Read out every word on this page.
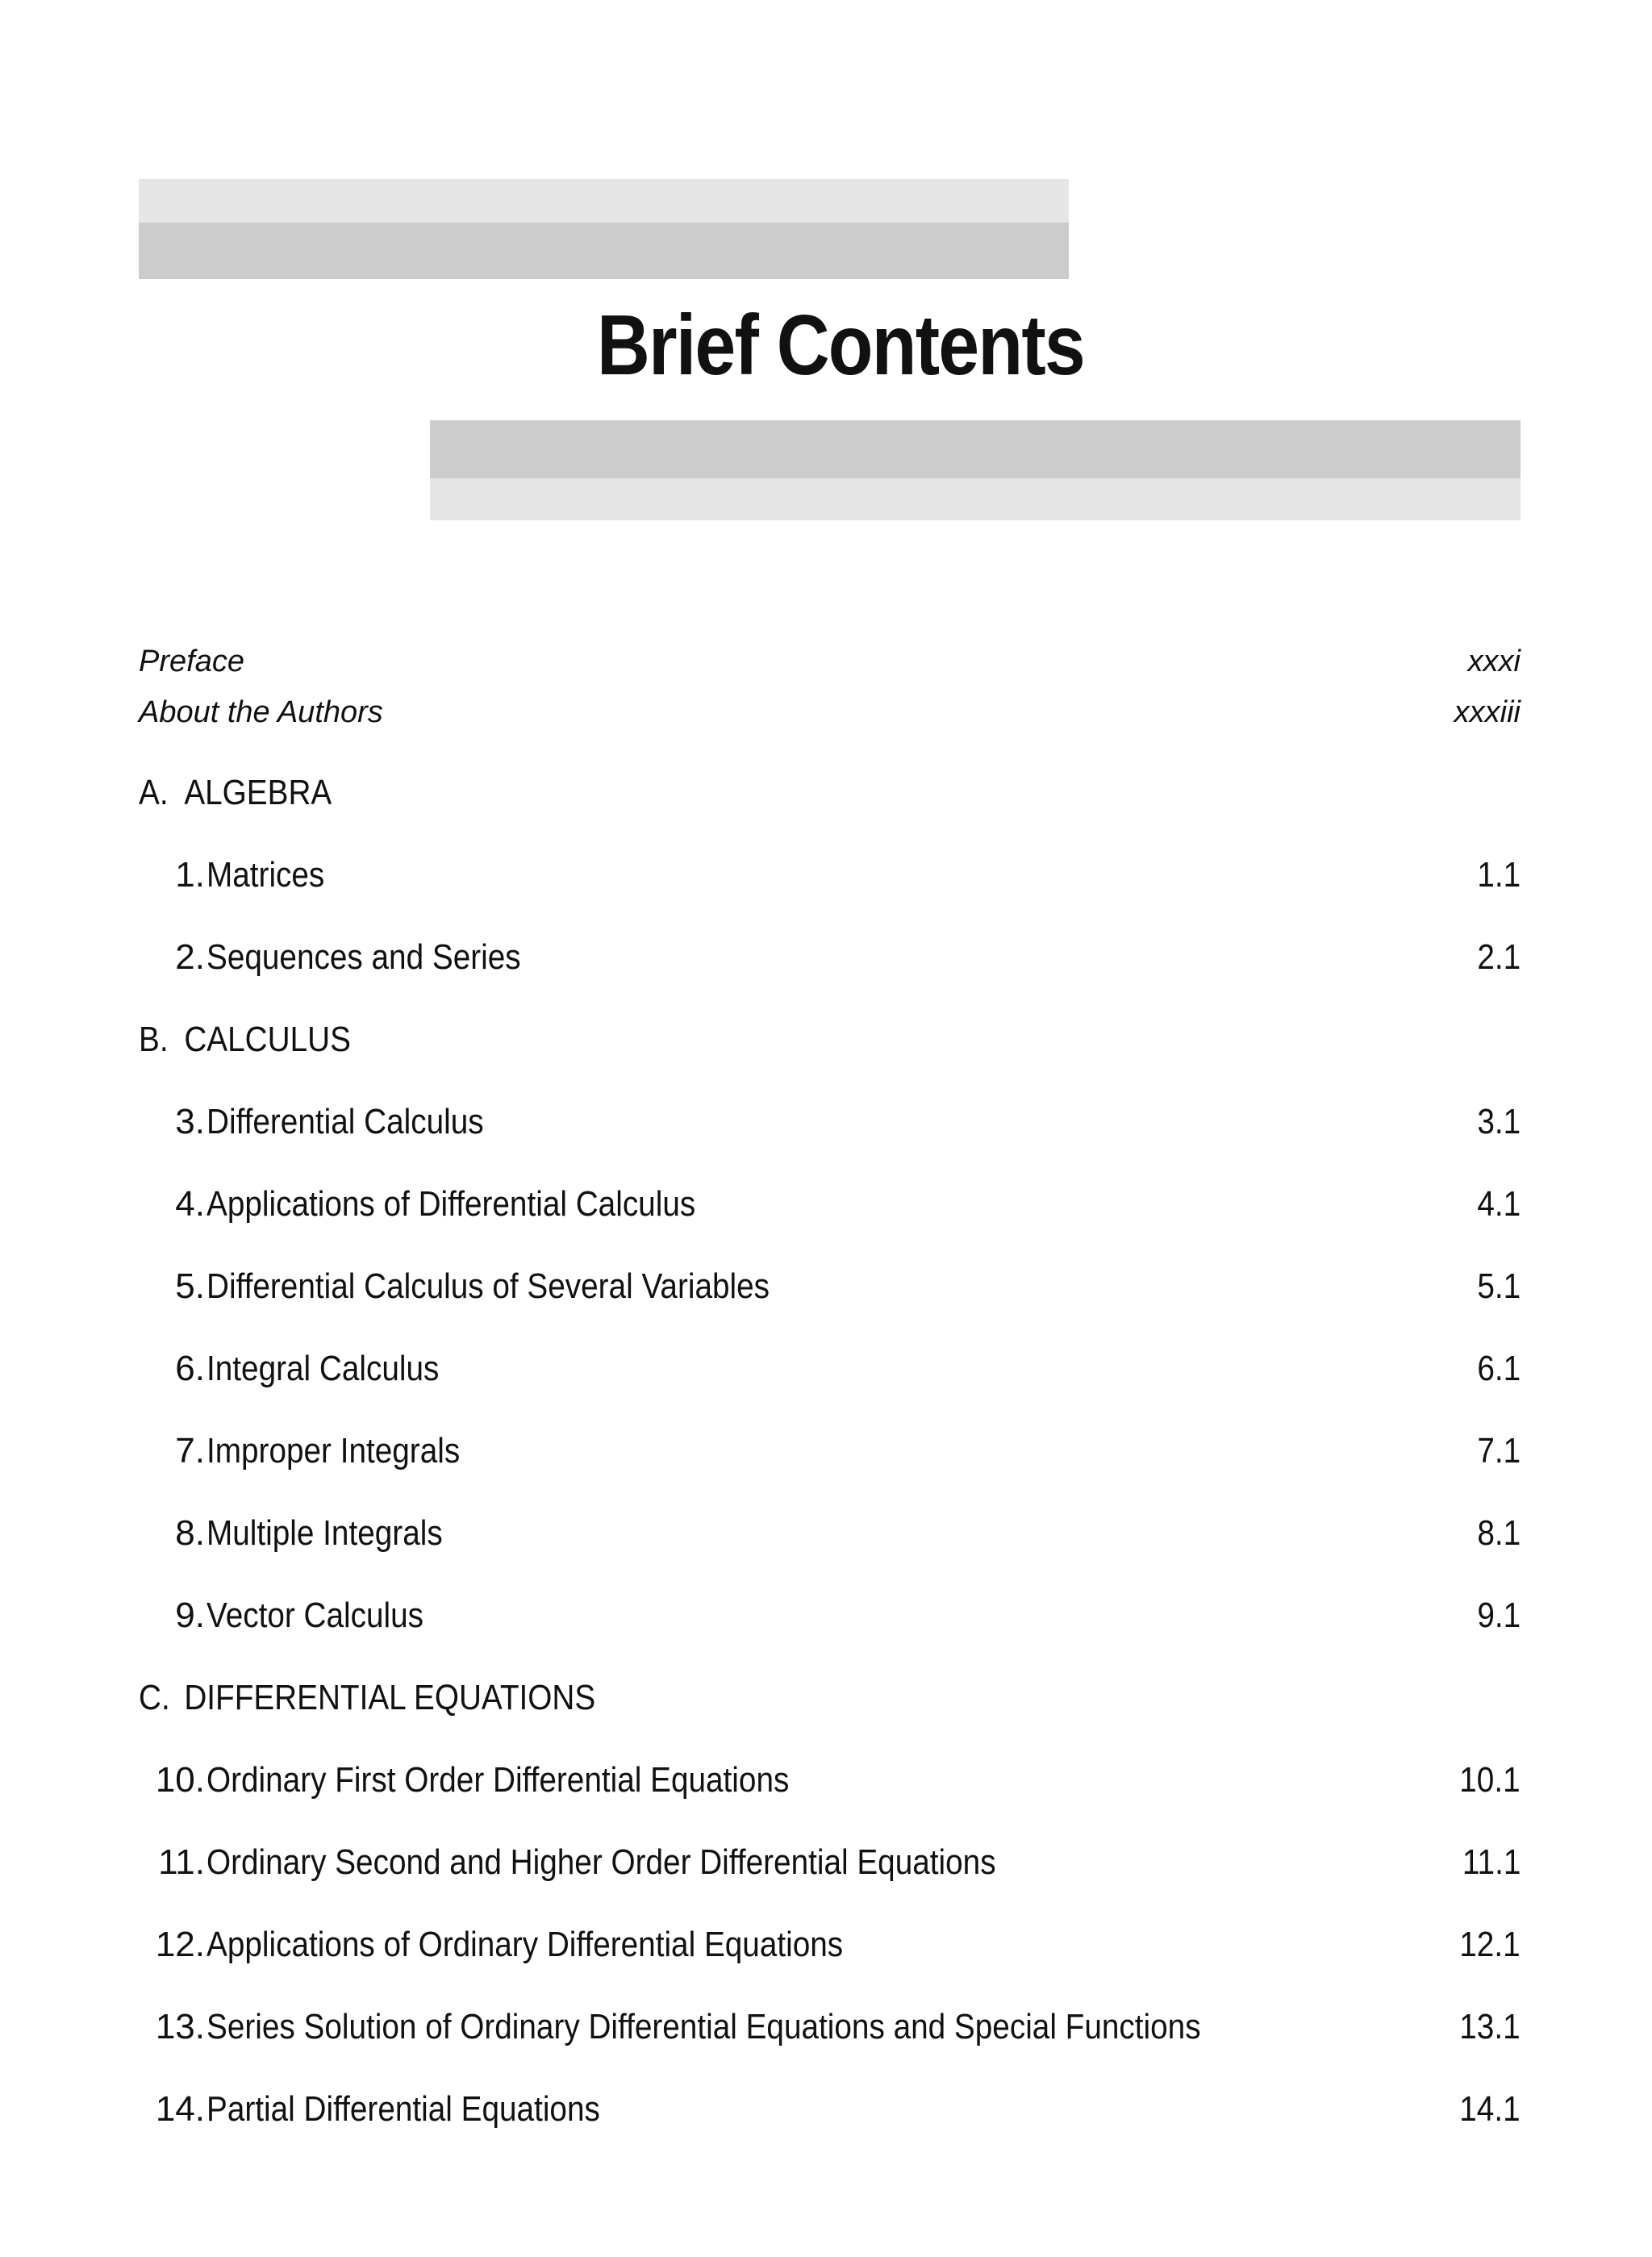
Brief Contents
Preface	xxxi
About the Authors	xxxiii
A. ALGEBRA
1. Matrices	1.1
2. Sequences and Series	2.1
B. CALCULUS
3. Differential Calculus	3.1
4. Applications of Differential Calculus	4.1
5. Differential Calculus of Several Variables	5.1
6. Integral Calculus	6.1
7. Improper Integrals	7.1
8. Multiple Integrals	8.1
9. Vector Calculus	9.1
C. DIFFERENTIAL EQUATIONS
10. Ordinary First Order Differential Equations	10.1
11. Ordinary Second and Higher Order Differential Equations	11.1
12. Applications of Ordinary Differential Equations	12.1
13. Series Solution of Ordinary Differential Equations and Special Functions	13.1
14. Partial Differential Equations	14.1
